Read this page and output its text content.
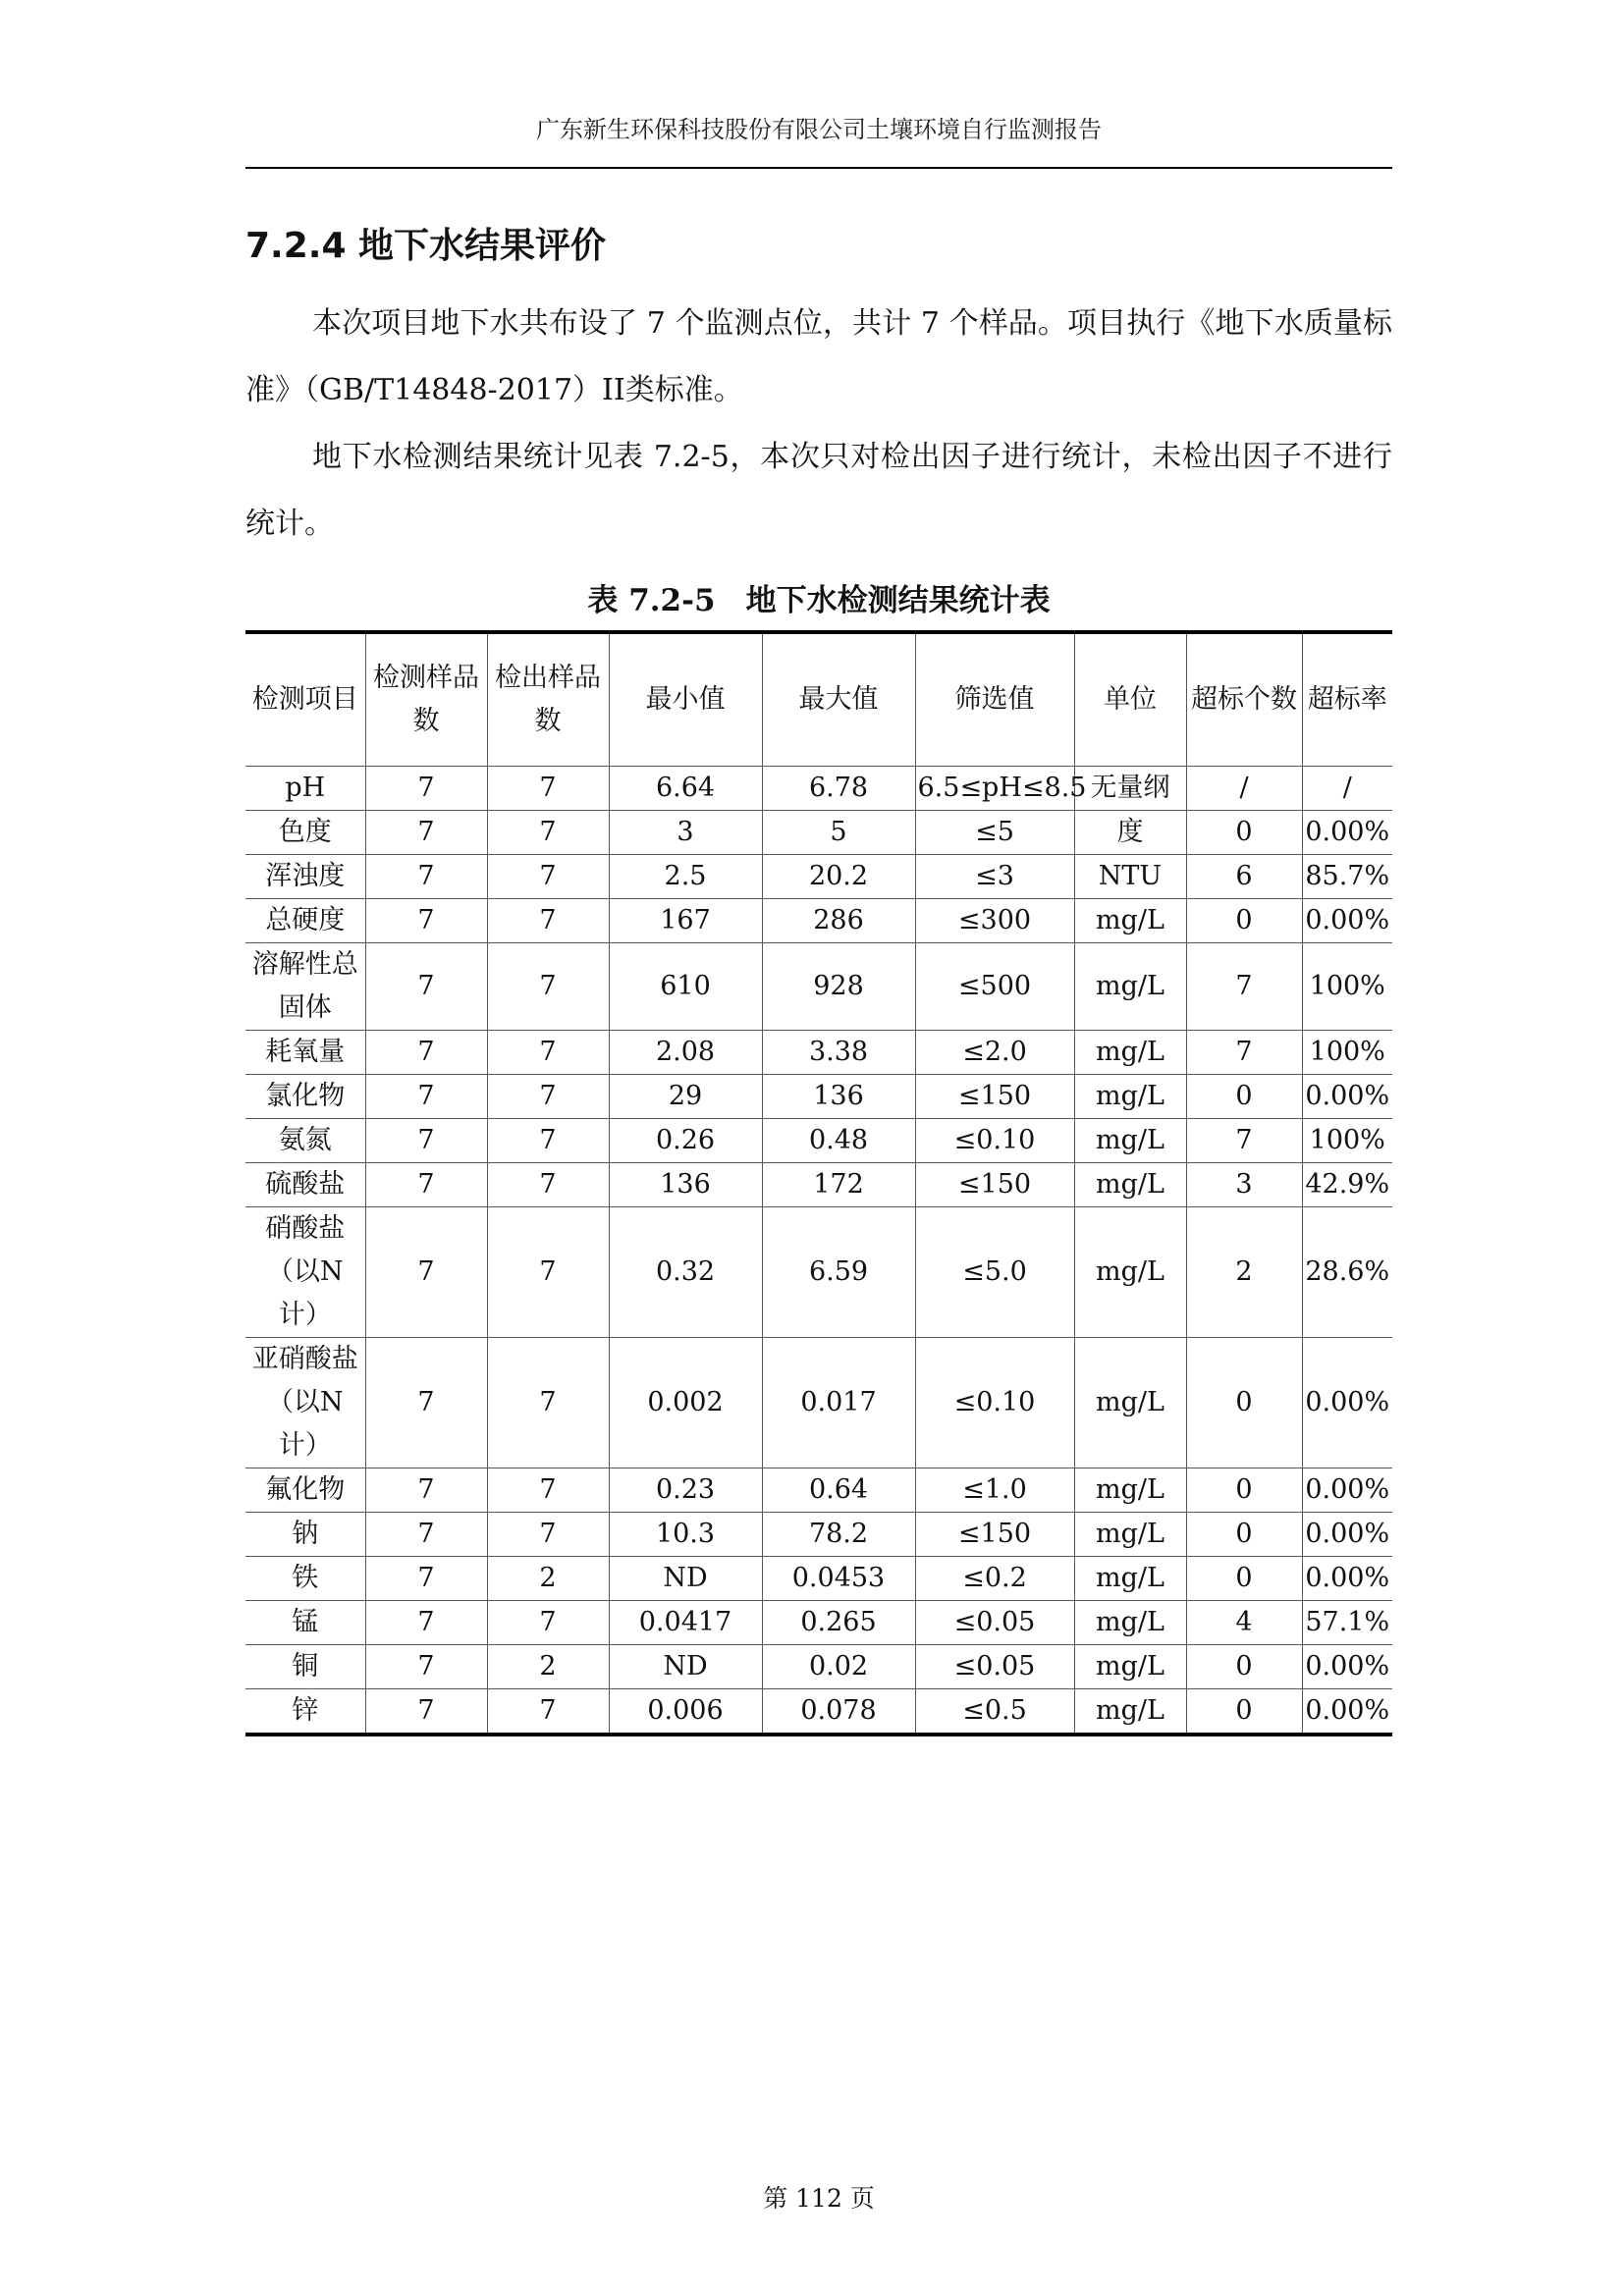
广东新生环保科技股份有限公司土壤环境自行监测报告
7.2.4 地下水结果评价

本次项目地下水共布设了 7 个监测点位，共计 7 个样品。项目执行《地下水质量标准》（GB/T14848-2017）II类标准。

地下水检测结果统计见表 7.2-5，本次只对检出因子进行统计，未检出因子不进行统计。

表 7.2-5　地下水检测结果统计表
检测项目	检测样品数	检出样品数	最小值	最大值	筛选值	单位	超标个数	超标率
pH	7	7	6.64	6.78	6.5≤pH≤8.5	无量纲	/	/
色度	7	7	3	5	≤5	度	0	0.00%
浑浊度	7	7	2.5	20.2	≤3	NTU	6	85.7%
总硬度	7	7	167	286	≤300	mg/L	0	0.00%
溶解性总固体	7	7	610	928	≤500	mg/L	7	100%
耗氧量	7	7	2.08	3.38	≤2.0	mg/L	7	100%
氯化物	7	7	29	136	≤150	mg/L	0	0.00%
氨氮	7	7	0.26	0.48	≤0.10	mg/L	7	100%
硫酸盐	7	7	136	172	≤150	mg/L	3	42.9%
硝酸盐（以N计）	7	7	0.32	6.59	≤5.0	mg/L	2	28.6%
亚硝酸盐（以N计）	7	7	0.002	0.017	≤0.10	mg/L	0	0.00%
氟化物	7	7	0.23	0.64	≤1.0	mg/L	0	0.00%
钠	7	7	10.3	78.2	≤150	mg/L	0	0.00%
铁	7	2	ND	0.0453	≤0.2	mg/L	0	0.00%
锰	7	7	0.0417	0.265	≤0.05	mg/L	4	57.1%
铜	7	2	ND	0.02	≤0.05	mg/L	0	0.00%
锌	7	7	0.006	0.078	≤0.5	mg/L	0	0.00%
第 112 页
